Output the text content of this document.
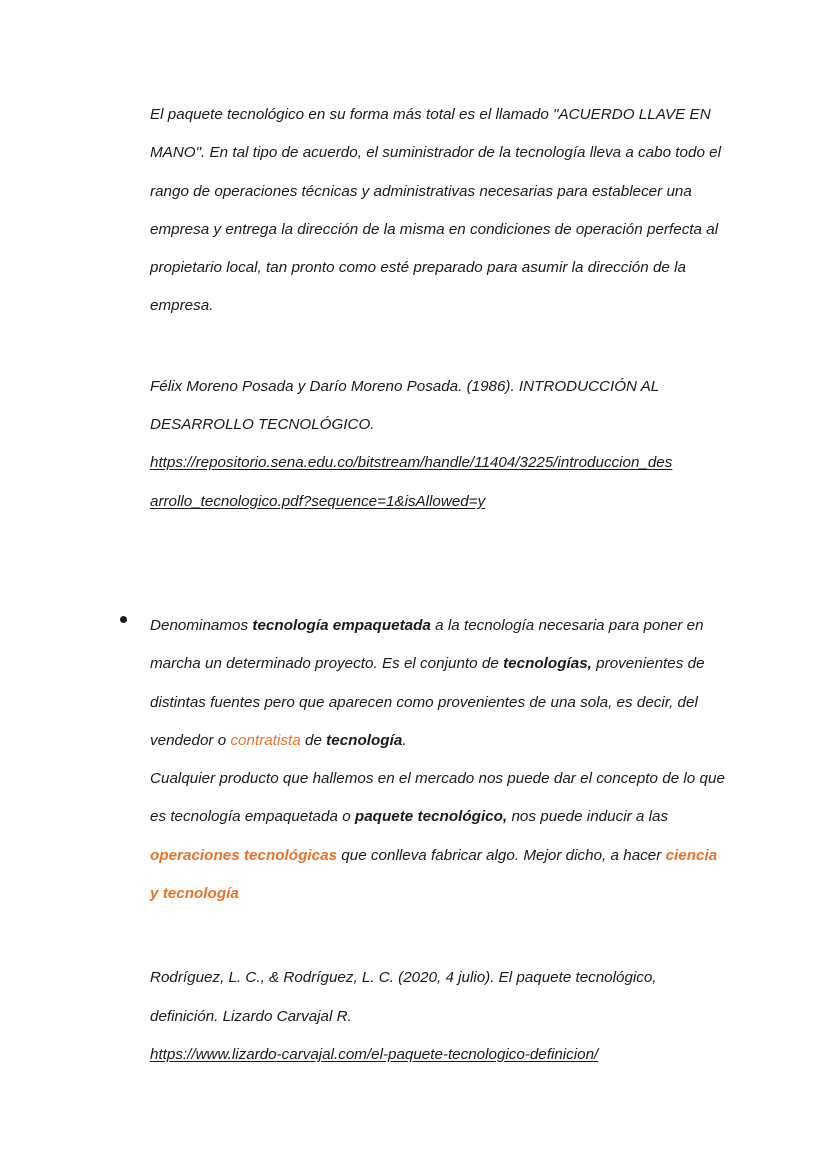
El paquete tecnológico en su forma más total es el llamado "ACUERDO LLAVE EN MANO". En tal tipo de acuerdo, el suministrador de la tecnología lleva a cabo todo el rango de operaciones técnicas y administrativas necesarias para establecer una empresa y entrega la dirección de la misma en condiciones de operación perfecta al propietario local, tan pronto como esté preparado para asumir la dirección de la empresa.

Félix Moreno Posada y Darío Moreno Posada. (1986). INTRODUCCIÓN AL DESARROLLO TECNOLÓGICO.

https://repositorio.sena.edu.co/bitstream/handle/11404/3225/introduccion_des
arrollo_tecnologico.pdf?sequence=1&isAllowed=y

Denominamos tecnología empaquetada a la tecnología necesaria para poner en marcha un determinado proyecto. Es el conjunto de tecnologías, provenientes de distintas fuentes pero que aparecen como provenientes de una sola, es decir, del vendedor o contratista de tecnología.

Cualquier producto que hallemos en el mercado nos puede dar el concepto de lo que es tecnología empaquetada o paquete tecnológico, nos puede inducir a las operaciones tecnológicas que conlleva fabricar algo. Mejor dicho, a hacer ciencia y tecnología

Rodríguez, L. C., & Rodríguez, L. C. (2020, 4 julio). El paquete tecnológico,

definición. Lizardo Carvajal R.

https://www.lizardo-carvajal.com/el-paquete-tecnologico-definicion/
